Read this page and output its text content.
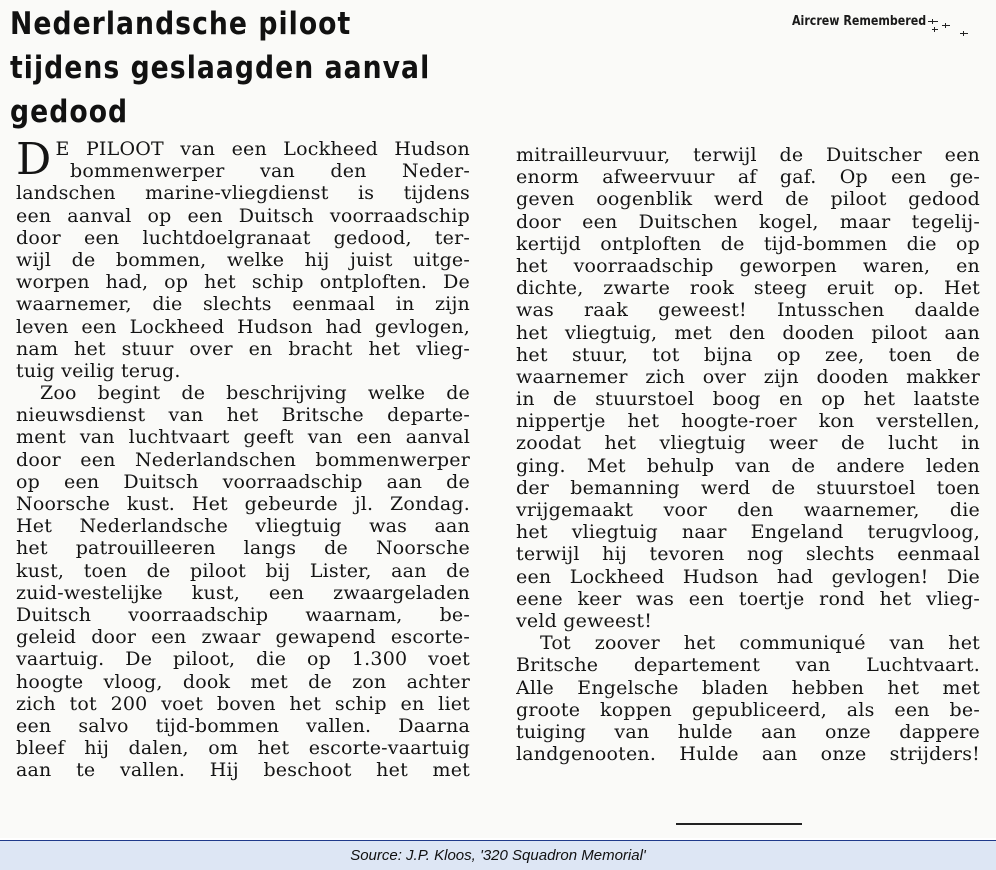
Nederlandsche piloot
tijdens geslaagden aanval
gedood
Aircrew Remembered
D E PILOOT van een Lockheed Hudson
bommenwerper van den Neder-
landschen marine-vliegdienst is tijdens
een aanval op een Duitsch voorraadschip
door een luchtdoelgranaat gedood, ter-
wijl de bommen, welke hij juist uitge-
worpen had, op het schip ontploften. De
waarnemer, die slechts eenmaal in zijn
leven een Lockheed Hudson had gevlogen,
nam het stuur over en bracht het vlieg-
tuig veilig terug.
Zoo begint de beschrijving welke de
nieuwsdienst van het Britsche departe-
ment van luchtvaart geeft van een aanval
door een Nederlandschen bommenwerper
op een Duitsch voorraadschip aan de
Noorsche kust. Het gebeurde jl. Zondag.
Het Nederlandsche vliegtuig was aan
het patrouilleeren langs de Noorsche
kust, toen de piloot bij Lister, aan de
zuid-westelijke kust, een zwaargeladen
Duitsch voorraadschip waarnam, be-
geleid door een zwaar gewapend escorte-
vaartuig. De piloot, die op 1.300 voet
hoogte vloog, dook met de zon achter
zich tot 200 voet boven het schip en liet
een salvo tijd-bommen vallen. Daarna
bleef hij dalen, om het escorte-vaartuig
aan te vallen. Hij beschoot het met
mitrailleurvuur, terwijl de Duitscher een
enorm afweervuur af gaf. Op een ge-
geven oogenblik werd de piloot gedood
door een Duitschen kogel, maar tegelij-
kertijd ontploften de tijd-bommen die op
het voorraadschip geworpen waren, en
dichte, zwarte rook steeg eruit op. Het
was raak geweest! Intusschen daalde
het vliegtuig, met den dooden piloot aan
het stuur, tot bijna op zee, toen de
waarnemer zich over zijn dooden makker
in de stuurstoel boog en op het laatste
nippertje het hoogte-roer kon verstellen,
zoodat het vliegtuig weer de lucht in
ging. Met behulp van de andere leden
der bemanning werd de stuurstoel toen
vrijgemaakt voor den waarnemer, die
het vliegtuig naar Engeland terugvloog,
terwijl hij tevoren nog slechts eenmaal
een Lockheed Hudson had gevlogen! Die
eene keer was een toertje rond het vlieg-
veld geweest!
Tot zoover het communiqué van het
Britsche departement van Luchtvaart.
Alle Engelsche bladen hebben het met
groote koppen gepubliceerd, als een be-
tuiging van hulde aan onze dappere
landgenooten. Hulde aan onze strijders!
Source: J.P. Kloos, '320 Squadron Memorial'
